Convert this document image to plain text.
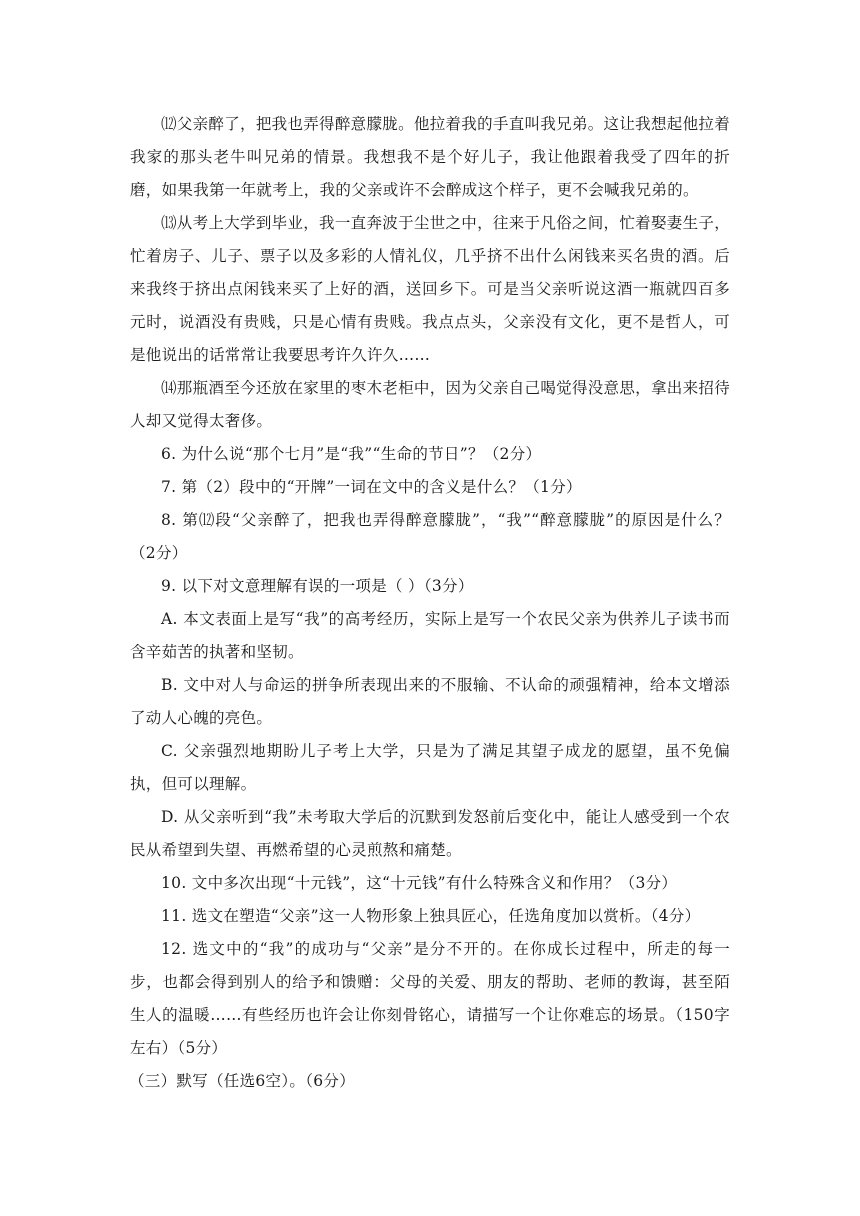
⑿父亲醉了，把我也弄得醉意朦胧。他拉着我的手直叫我兄弟。这让我想起他拉着我家的那头老牛叫兄弟的情景。我想我不是个好儿子，我让他跟着我受了四年的折磨，如果我第一年就考上，我的父亲或许不会醉成这个样子，更不会喊我兄弟的。

⒀从考上大学到毕业，我一直奔波于尘世之中，往来于凡俗之间，忙着娶妻生子，忙着房子、儿子、票子以及多彩的人情礼仪，几乎挤不出什么闲钱来买名贵的酒。后来我终于挤出点闲钱来买了上好的酒，送回乡下。可是当父亲听说这酒一瓶就四百多元时，说酒没有贵贱，只是心情有贵贱。我点点头，父亲没有文化，更不是哲人，可是他说出的话常常让我要思考许久许久……

⒁那瓶酒至今还放在家里的枣木老柜中，因为父亲自己喝觉得没意思，拿出来招待人却又觉得太奢侈。

6. 为什么说“那个七月”是“我”“生命的节日”？（2分）

7. 第（2）段中的“开牌”一词在文中的含义是什么？（1分）

8. 第⑿段“父亲醉了，把我也弄得醉意朦胧”，“我”“醉意朦胧”的原因是什么？（2分）

9. 以下对文意理解有误的一项是（ ）（3分）

A. 本文表面上是写“我”的高考经历，实际上是写一个农民父亲为供养儿子读书而含辛茹苦的执著和坚韧。

B. 文中对人与命运的拼争所表现出来的不服输、不认命的顽强精神，给本文增添了动人心魄的亮色。

C. 父亲强烈地期盼儿子考上大学，只是为了满足其望子成龙的愿望，虽不免偏执，但可以理解。

D. 从父亲听到“我”未考取大学后的沉默到发怒前后变化中，能让人感受到一个农民从希望到失望、再燃希望的心灵煎熬和痛楚。

10. 文中多次出现“十元钱”，这“十元钱”有什么特殊含义和作用？（3分）

11. 选文在塑造“父亲”这一人物形象上独具匠心，任选角度加以赏析。（4分）

12. 选文中的“我”的成功与“父亲”是分不开的。在你成长过程中，所走的每一步，也都会得到别人的给予和馈赠：父母的关爱、朋友的帮助、老师的教诲，甚至陌生人的温暖……有些经历也许会让你刻骨铭心，请描写一个让你难忘的场景。（150字左右）（5分）

（三）默写（任选6空）。（6分）
